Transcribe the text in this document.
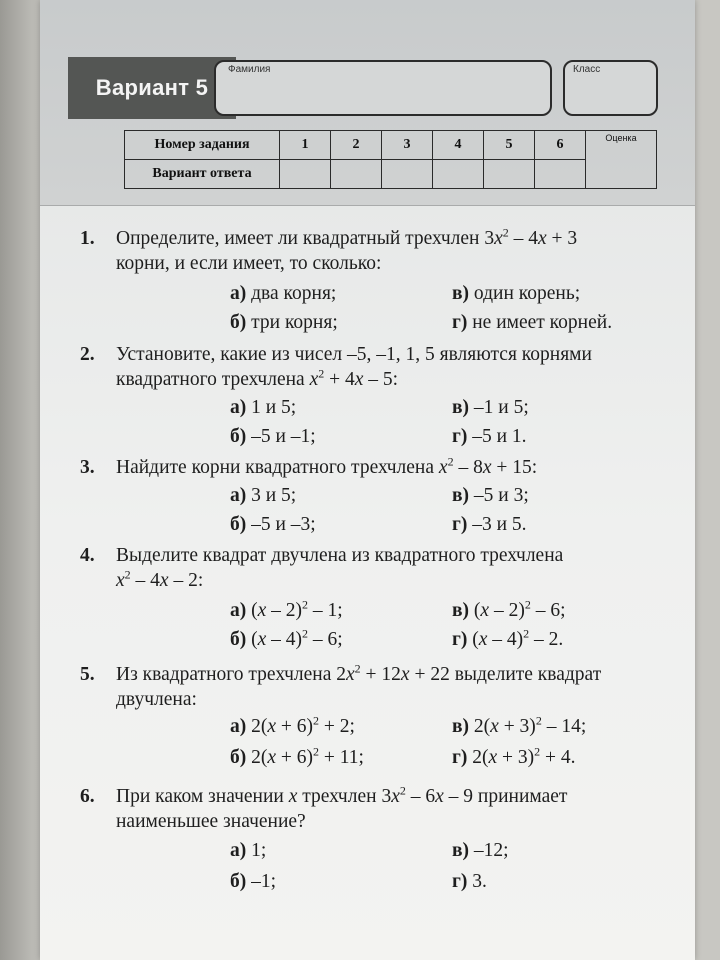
Вариант 5
Фамилия	Класс
Номер задания	1	2	3	4	5	6	Оценка
Вариант ответа							
1. Определите, имеет ли квадратный трехчлен $3x^2 - 4x + 3$
корни, и если имеет, то сколько:
а) два корня;	в) один корень;
б) три корня;	г) не имеет корней.
2. Установите, какие из чисел –5, –1, 1, 5 являются корнями
квадратного трехчлена $x^2 + 4x - 5$:
а) 1 и 5;	в) –1 и 5;
б) –5 и –1;	г) –5 и 1.
3. Найдите корни квадратного трехчлена $x^2 - 8x + 15$:
а) 3 и 5;	в) –5 и 3;
б) –5 и –3;	г) –3 и 5.
4. Выделите квадрат двучлена из квадратного трехчлена
$x^2 - 4x - 2$:
а) (x – 2)$^2$ – 1;	в) (x – 2)$^2$ – 6;
б) (x – 4)$^2$ – 6;	г) (x – 4)$^2$ – 2.
5. Из квадратного трехчлена $2x^2 + 12x + 22$ выделите квадрат
двучлена:
а) $2(x + 6)^2 + 2$;	в) $2(x + 3)^2 - 14$;
б) $2(x + 6)^2 + 11$;	г) $2(x + 3)^2 + 4$.
6. При каком значении x трехчлен $3x^2 - 6x - 9$ принимает
наименьшее значение?
а) 1;	в) –12;
б) –1;	г) 3.
